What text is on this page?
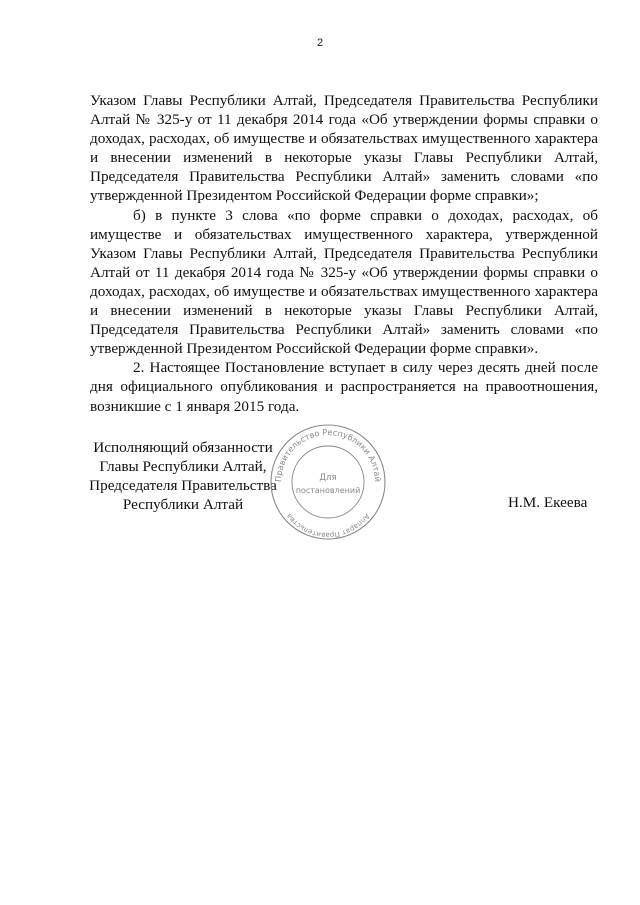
2

Указом Главы Республики Алтай, Председателя Правительства Республики Алтай № 325-у от 11 декабря 2014 года «Об утверждении формы справки о доходах, расходах, об имуществе и обязательствах имущественного характера и внесении изменений в некоторые указы Главы Республики Алтай, Председателя Правительства Республики Алтай» заменить словами «по утвержденной Президентом Российской Федерации форме справки»;

б) в пункте 3 слова «по форме справки о доходах, расходах, об имуществе и обязательствах имущественного характера, утвержденной Указом Главы Республики Алтай, Председателя Правительства Республики Алтай от 11 декабря 2014 года № 325-у «Об утверждении формы справки о доходах, расходах, об имуществе и обязательствах имущественного характера и внесении изменений в некоторые указы Главы Республики Алтай, Председателя Правительства Республики Алтай» заменить словами «по утвержденной Президентом Российской Федерации форме справки».

2. Настоящее Постановление вступает в силу через десять дней после дня официального опубликования и распространяется на правоотношения, возникшие с 1 января 2015 года.

Исполняющий обязанности
Главы Республики Алтай,
Председателя Правительства
Республики Алтай
Правительство Республики Алтай
Аппарат Правительства
Для
постановлений
Н.М. Екеева
